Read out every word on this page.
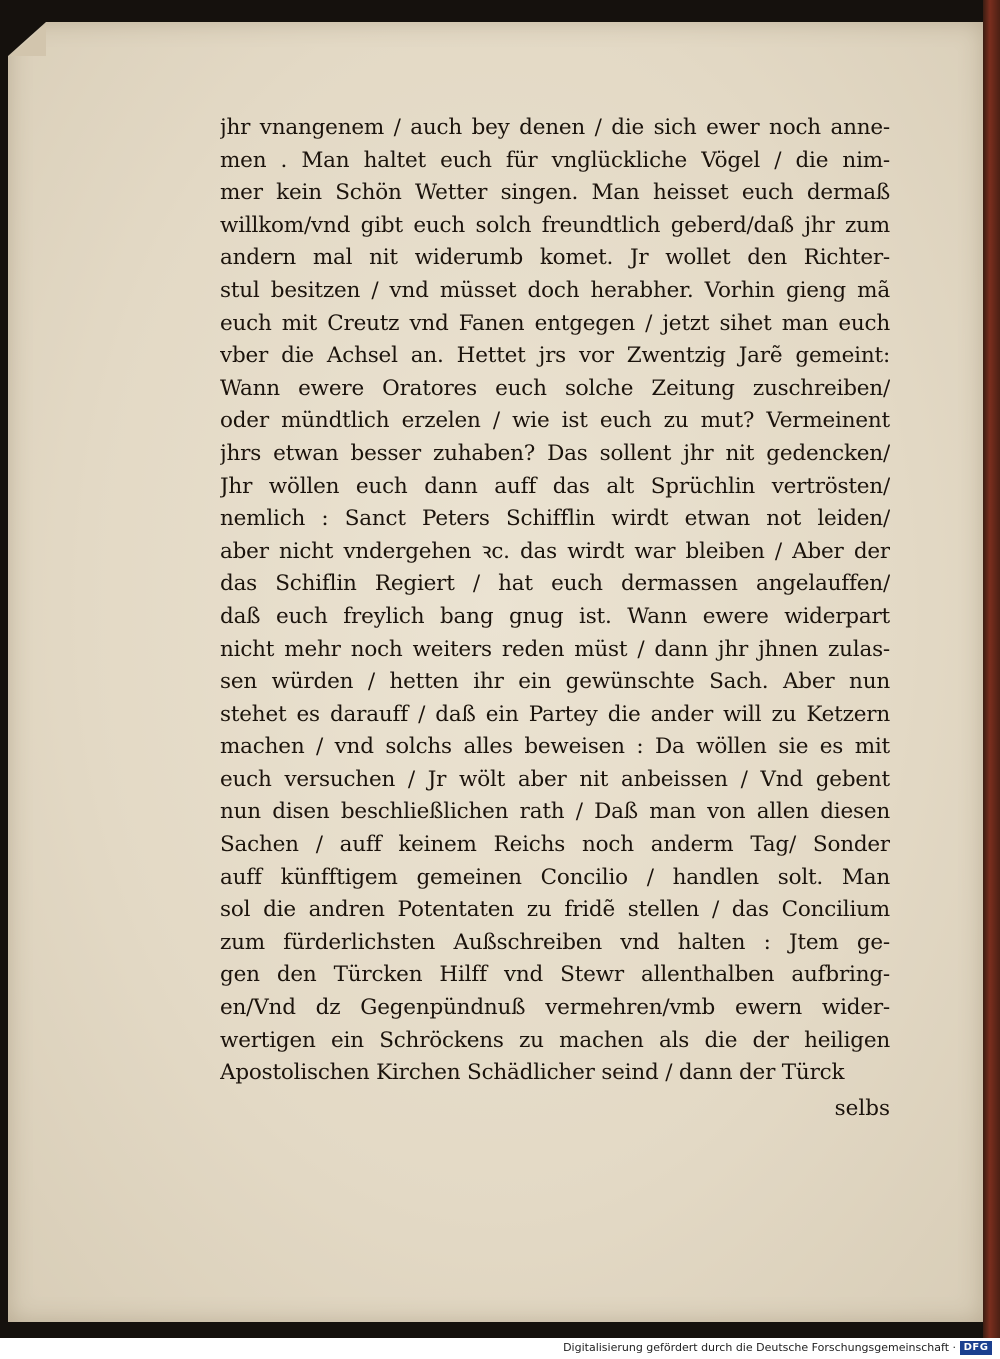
jhr vnangenem / auch bey denen / die sich ewer noch anne-
men . Man haltet euch für vnglückliche Vögel / die nim-
mer kein Schön Wetter singen. Man heisset euch dermaß
willkom/vnd gibt euch solch freundtlich geberd/daß jhr zum
andern mal nit widerumb komet. Jr wollet den Richter-
stul besitzen / vnd müsset doch herabher. Vorhin gieng mã
euch mit Creutz vnd Fanen entgegen / jetzt sihet man euch
vber die Achsel an. Hettet jrs vor Zwentzig Jarẽ gemeint:
Wann ewere Oratores euch solche Zeitung zuschreiben/
oder mündtlich erzelen / wie ist euch zu mut? Vermeinent
jhrs etwan besser zuhaben? Das sollent jhr nit gedencken/
Jhr wöllen euch dann auff das alt Sprüchlin vertrösten/
nemlich : Sanct Peters Schifflin wirdt etwan not leiden/
aber nicht vndergehen ꝛc. das wirdt war bleiben / Aber der
das Schiflin Regiert / hat euch dermassen angelauffen/
daß euch freylich bang gnug ist. Wann ewere widerpart
nicht mehr noch weiters reden müst / dann jhr jhnen zulas-
sen würden / hetten ihr ein gewünschte Sach. Aber nun
stehet es darauff / daß ein Partey die ander will zu Ketzern
machen / vnd solchs alles beweisen : Da wöllen sie es mit
euch versuchen / Jr wölt aber nit anbeissen / Vnd gebent
nun disen beschließlichen rath / Daß man von allen diesen
Sachen / auff keinem Reichs noch anderm Tag/ Sonder
auff künfftigem gemeinen Concilio / handlen solt. Man
sol die andren Potentaten zu fridẽ stellen / das Concilium
zum fürderlichsten Außschreiben vnd halten : Jtem ge-
gen den Türcken Hilff vnd Stewr allenthalben aufbring-
en/Vnd dz Gegenpündnuß vermehren/vmb ewern wider-
wertigen ein Schröckens zu machen als die der heiligen
Apostolischen Kirchen Schädlicher seind / dann der Türck
selbs
Digitalisierung gefördert durch die Deutsche Forschungsgemeinschaft · DFG
